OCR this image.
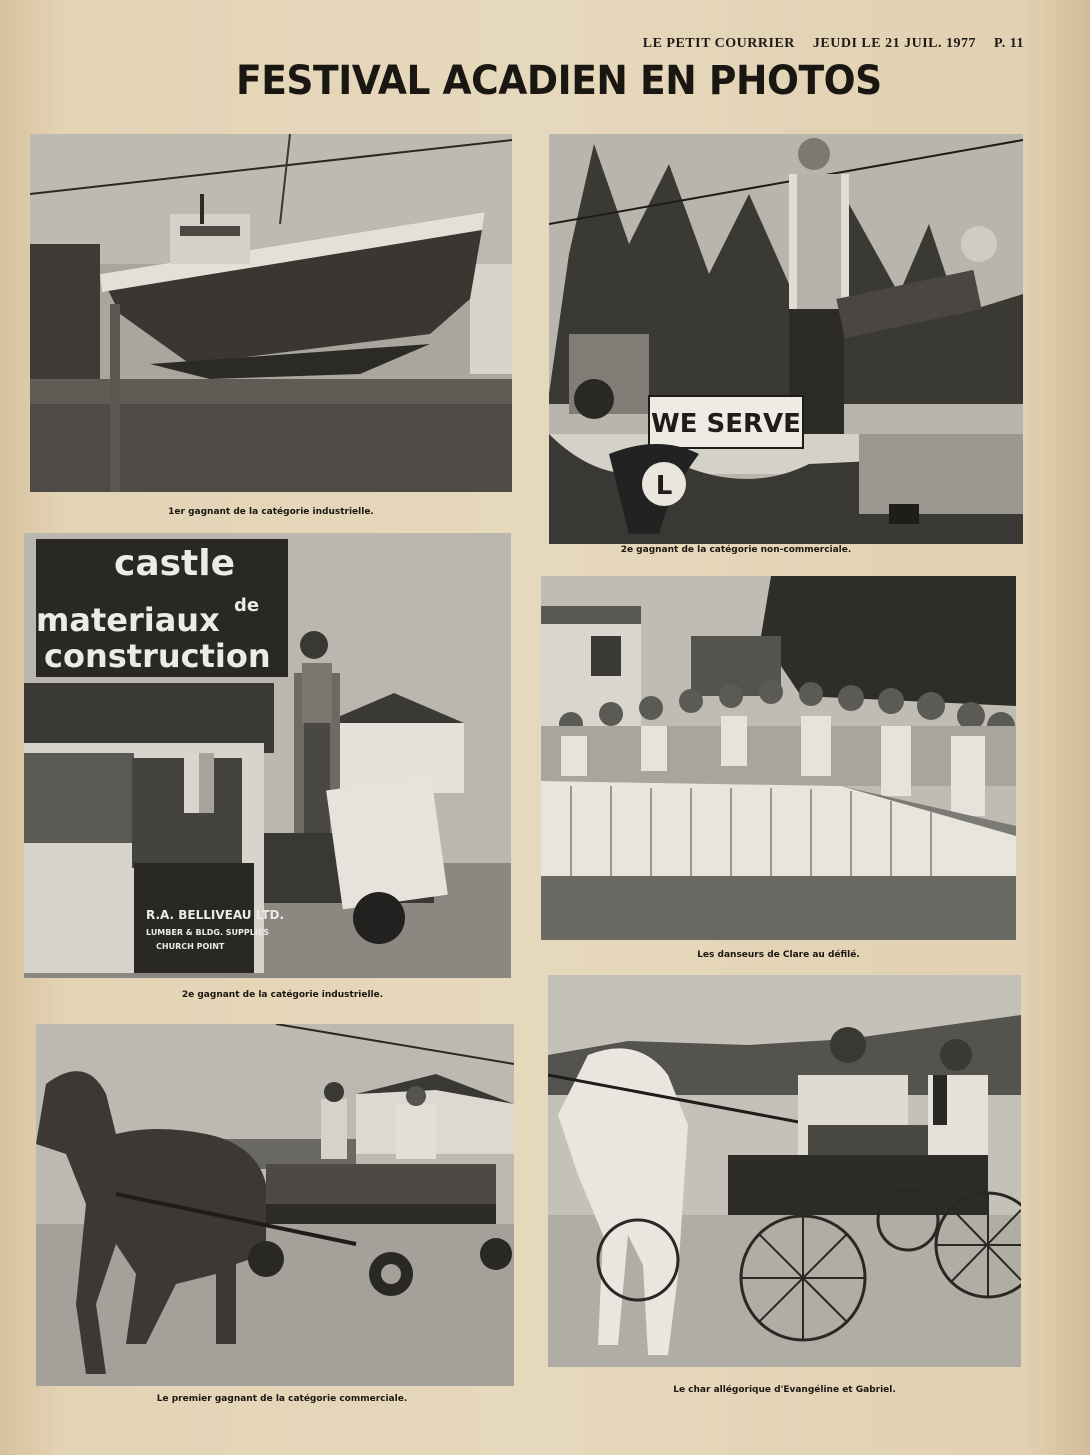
LE PETIT COURRIER JEUDI LE 21 JUIL. 1977 P. 11
FESTIVAL ACADIEN EN PHOTOS
1er gagnant de la catégorie industrielle.
WE SERVE
L
2e gagnant de la catégorie non-commerciale.
castle
materiaux de
construction
R.A. BELLIVEAU LTD.
LUMBER & BLDG. SUPPLIES
CHURCH POINT
2e gagnant de la catégorie industrielle.
Les danseurs de Clare au défilé.
Le premier gagnant de la catégorie commerciale.
Le char allégorique d'Evangéline et Gabriel.
